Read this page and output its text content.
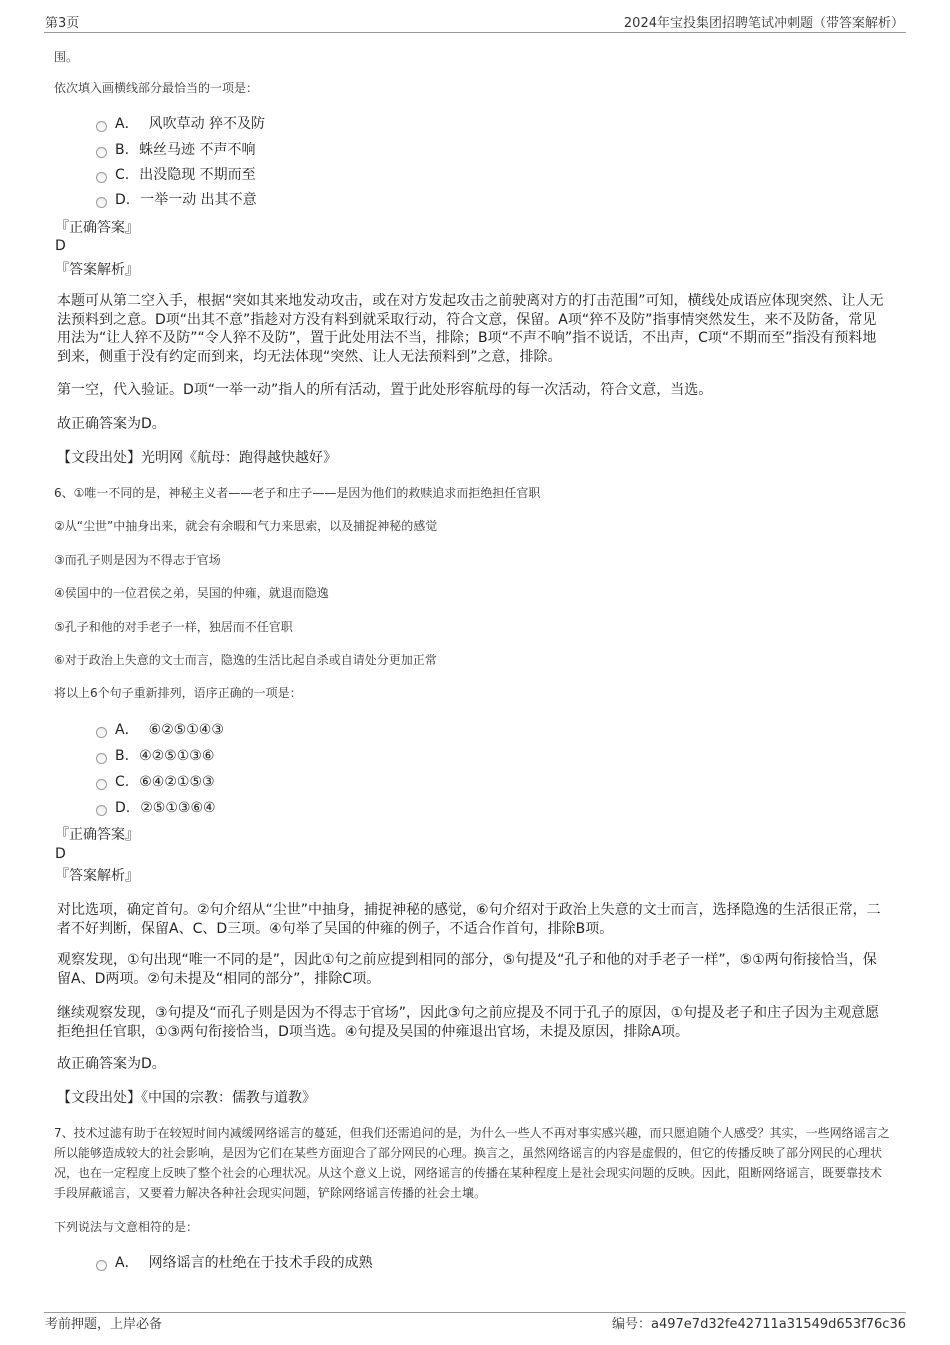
第3页	2024年宝投集团招聘笔试冲刺题（带答案解析）
围。
依次填入画横线部分最恰当的一项是：
A． 风吹草动 猝不及防
B. 蛛丝马迹 不声不响
C. 出没隐现 不期而至
D. 一举一动 出其不意
『正确答案』
D
『答案解析』
本题可从第二空入手，根据“突如其来地发动攻击，或在对方发起攻击之前驶离对方的打击范围”可知，横线处成语应体现突然、让人无法预料到之意。D项“出其不意”指趁对方没有料到就采取行动，符合文意，保留。A项“猝不及防”指事情突然发生，来不及防备，常见用法为“让人猝不及防”“令人猝不及防”，置于此处用法不当，排除；B项“不声不响”指不说话，不出声，C项“不期而至”指没有预料地到来，侧重于没有约定而到来，均无法体现“突然、让人无法预料到”之意，排除。
第一空，代入验证。D项“一举一动”指人的所有活动，置于此处形容航母的每一次活动，符合文意，当选。
故正确答案为D。
【文段出处】光明网《航母：跑得越快越好》
6、①唯一不同的是，神秘主义者——老子和庄子——是因为他们的救赎追求而拒绝担任官职
②从“尘世”中抽身出来，就会有余暇和气力来思索，以及捕捉神秘的感觉
③而孔子则是因为不得志于官场
④侯国中的一位君侯之弟，吴国的仲雍，就退而隐逸
⑤孔子和他的对手老子一样，独居而不任官职
⑥对于政治上失意的文士而言，隐逸的生活比起自杀或自请处分更加正常
将以上6个句子重新排列，语序正确的一项是：
A． ⑥②⑤①④③
B. ④②⑤①③⑥
C. ⑥④②①⑤③
D. ②⑤①③⑥④
『正确答案』
D
『答案解析』
对比选项，确定首句。②句介绍从“尘世”中抽身，捕捉神秘的感觉，⑥句介绍对于政治上失意的文士而言，选择隐逸的生活很正常，二者不好判断，保留A、C、D三项。④句举了吴国的仲雍的例子，不适合作首句，排除B项。
观察发现，①句出现“唯一不同的是”，因此①句之前应提到相同的部分，⑤句提及“孔子和他的对手老子一样”，⑤①两句衔接恰当，保留A、D两项。②句未提及“相同的部分”，排除C项。
继续观察发现，③句提及“而孔子则是因为不得志于官场”，因此③句之前应提及不同于孔子的原因，①句提及老子和庄子因为主观意愿拒绝担任官职，①③两句衔接恰当，D项当选。④句提及吴国的仲雍退出官场，未提及原因，排除A项。
故正确答案为D。
【文段出处】《中国的宗教：儒教与道教》
7、技术过滤有助于在较短时间内减缓网络谣言的蔓延，但我们还需追问的是，为什么一些人不再对事实感兴趣，而只愿追随个人感受？其实，一些网络谣言之所以能够造成较大的社会影响，是因为它们在某些方面迎合了部分网民的心理。换言之，虽然网络谣言的内容是虚假的，但它的传播反映了部分网民的心理状况，也在一定程度上反映了整个社会的心理状况。从这个意义上说，网络谣言的传播在某种程度上是社会现实问题的反映。因此，阻断网络谣言，既要靠技术手段屏蔽谣言，又要着力解决各种社会现实问题，铲除网络谣言传播的社会土壤。
下列说法与文意相符的是：
A． 网络谣言的杜绝在于技术手段的成熟
考前押题，上岸必备	编号：a497e7d32fe42711a31549d653f76c36
